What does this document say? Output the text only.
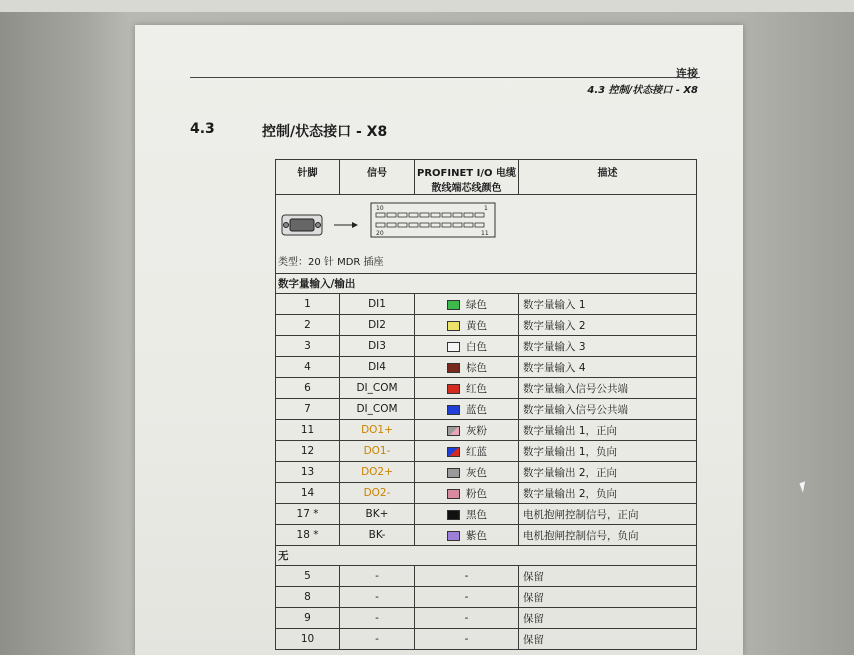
连接
4.3 控制/状态接口 - X8
4.3	控制/状态接口 - X8
针脚	信号	PROFINET I/O 电缆
散线端芯线颜色	描述

10 1
20 11
类型：20 针 MDR 插座			

数字量输入/输出			
1	DI1	绿色	数字量输入 1
2	DI2	黄色	数字量输入 2
3	DI3	白色	数字量输入 3
4	DI4	棕色	数字量输入 4
6	DI_COM	红色	数字量输入信号公共端
7	DI_COM	蓝色	数字量输入信号公共端
11	DO1+	灰粉	数字量输出 1，正向
12	DO1-	红蓝	数字量输出 1，负向
13	DO2+	灰色	数字量输出 2，正向
14	DO2-	粉色	数字量输出 2，负向
17 *	BK+	黑色	电机抱闸控制信号，正向
18 *	BK-	紫色	电机抱闸控制信号，负向
无			
5	-	-	保留
8	-	-	保留
9	-	-	保留
10	-	-	保留
